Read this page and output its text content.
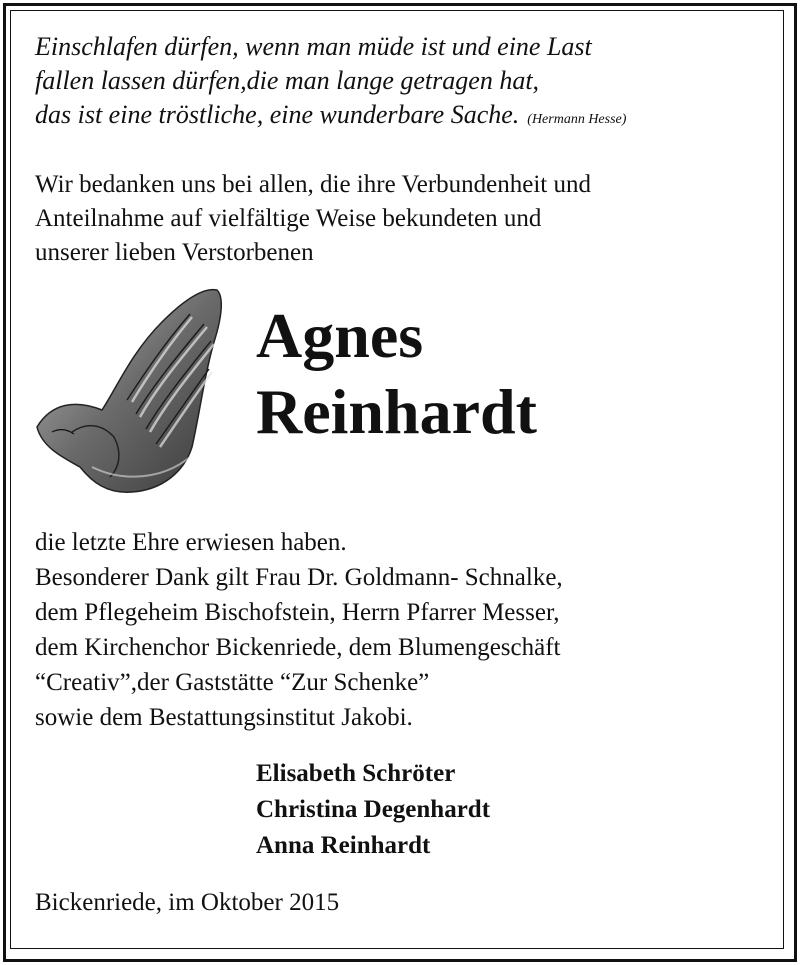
Einschlafen dürfen, wenn man müde ist und eine Last
fallen lassen dürfen,die man lange getragen hat,
das ist eine tröstliche, eine wunderbare Sache. (Hermann Hesse)
Wir bedanken uns bei allen, die ihre Verbundenheit und
Anteilnahme auf vielfältige Weise bekundeten und
unserer lieben Verstorbenen
Agnes
Reinhardt
die letzte Ehre erwiesen haben.
Besonderer Dank gilt Frau Dr. Goldmann- Schnalke,
dem Pflegeheim Bischofstein, Herrn Pfarrer Messer,
dem Kirchenchor Bickenriede, dem Blumengeschäft
“Creativ”,der Gaststätte “Zur Schenke”
sowie dem Bestattungsinstitut Jakobi.
Elisabeth Schröter
Christina Degenhardt
Anna Reinhardt
Bickenriede, im Oktober 2015
